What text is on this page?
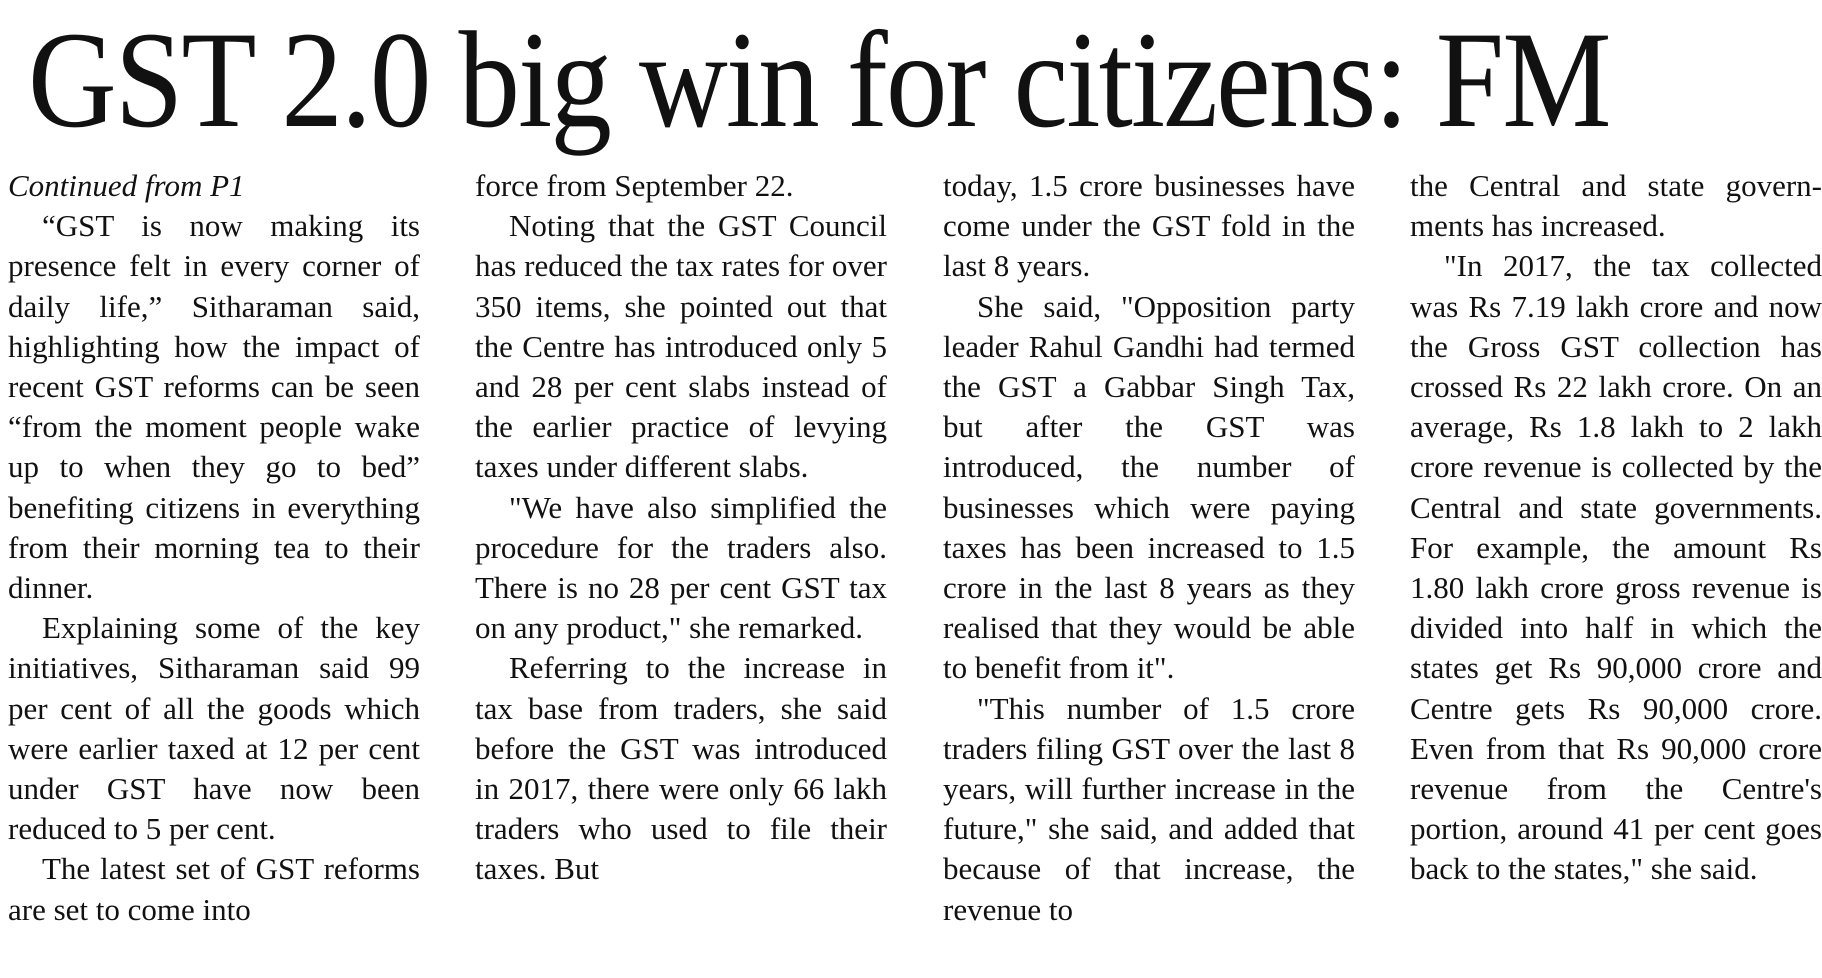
GST 2.0 big win for citizens: FM

Continued from P1

“GST is now making its presence felt in every corner of daily life,” Sitharaman said, highlighting how the impact of recent GST reforms can be seen “from the moment people wake up to when they go to bed” benefiting citizens in everything from their morning tea to their dinner.

Explaining some of the key initiatives, Sitharaman said 99 per cent of all the goods which were earlier taxed at 12 per cent under GST have now been reduced to 5 per cent.

The latest set of GST reforms are set to come into

force from September 22.

Noting that the GST Council has reduced the tax rates for over 350 items, she pointed out that the Centre has introduced only 5 and 28 per cent slabs instead of the earlier practice of levying taxes under different slabs.

"We have also simplified the procedure for the traders also. There is no 28 per cent GST tax on any product," she remarked.

Referring to the increase in tax base from traders, she said before the GST was introduced in 2017, there were only 66 lakh traders who used to file their taxes. But

today, 1.5 crore businesses have come under the GST fold in the last 8 years.

She said, "Opposition party leader Rahul Gandhi had termed the GST a Gabbar Singh Tax, but after the GST was introduced, the number of businesses which were paying taxes has been increased to 1.5 crore in the last 8 years as they realised that they would be able to benefit from it".

"This number of 1.5 crore traders filing GST over the last 8 years, will further increase in the future," she said, and added that because of that increase, the revenue to

the Central and state governments has increased.

"In 2017, the tax collected was Rs 7.19 lakh crore and now the Gross GST collection has crossed Rs 22 lakh crore. On an average, Rs 1.8 lakh to 2 lakh crore revenue is collected by the Central and state governments. For example, the amount Rs 1.80 lakh crore gross revenue is divided into half in which the states get Rs 90,000 crore and Centre gets Rs 90,000 crore. Even from that Rs 90,000 crore revenue from the Centre's portion, around 41 per cent goes back to the states," she said.
